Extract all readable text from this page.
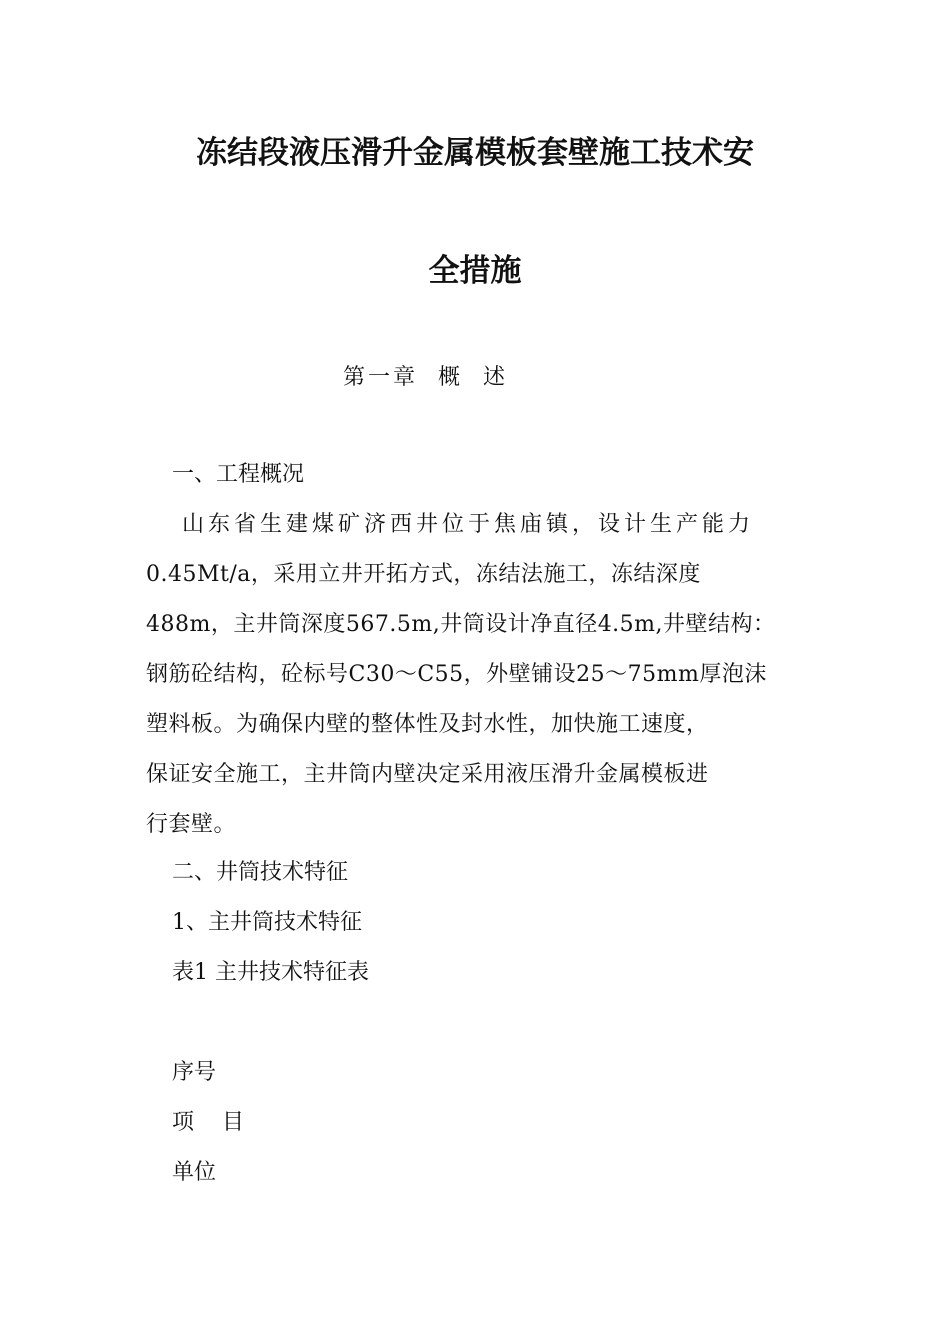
冻结段液压滑升金属模板套壁施工技术安
全措施
第一章  概  述
一、工程概况
山东省生建煤矿济西井位于焦庙镇，设计生产能力
0.45Mt/a，采用立井开拓方式，冻结法施工，冻结深度
488m，主井筒深度567.5m,井筒设计净直径4.5m,井壁结构：
钢筋砼结构，砼标号C30～C55，外壁铺设25～75mm厚泡沫
塑料板。为确保内壁的整体性及封水性，加快施工速度，
保证安全施工，主井筒内壁决定采用液压滑升金属模板进
行套壁。
二、井筒技术特征
1、主井筒技术特征
表1 主井技术特征表
序号
项    目
单位
